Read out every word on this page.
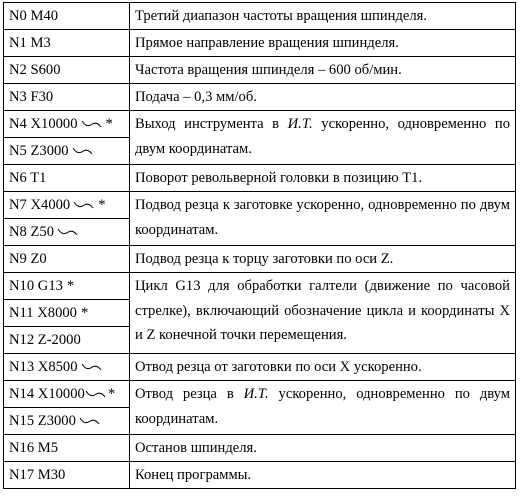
N0 M40	Третий диапазон частоты вращения шпинделя.
N1 M3	Прямое направление вращения шпинделя.
N2 S600	Частота вращения шпинделя – 600 об/мин.
N3 F30	Подача – 0,3 мм/об.
N4 X10000 *	Выход инструмента в И.Т. ускоренно, одновременно по двум координатам.
N5 Z3000	
N6 T1	Поворот револьверной головки в позицию T1.
N7 X4000 *	Подвод резца к заготовке ускоренно, одновременно по двум координатам.
N8 Z50	
N9 Z0	Подвод резца к торцу заготовки по оси Z.
N10 G13 *	Цикл G13 для обработки галтели (движение по часовой стрелке), включающий обозначение цикла и координаты X и Z конечной точки перемещения.
N11 X8000 *	
N12 Z-2000	
N13 X8500	Отвод резца от заготовки по оси X ускоренно.
N14 X10000 *	Отвод резца в И.Т. ускоренно, одновременно по двум координатам.
N15 Z3000	
N16 M5	Останов шпинделя.
N17 M30	Конец программы.
